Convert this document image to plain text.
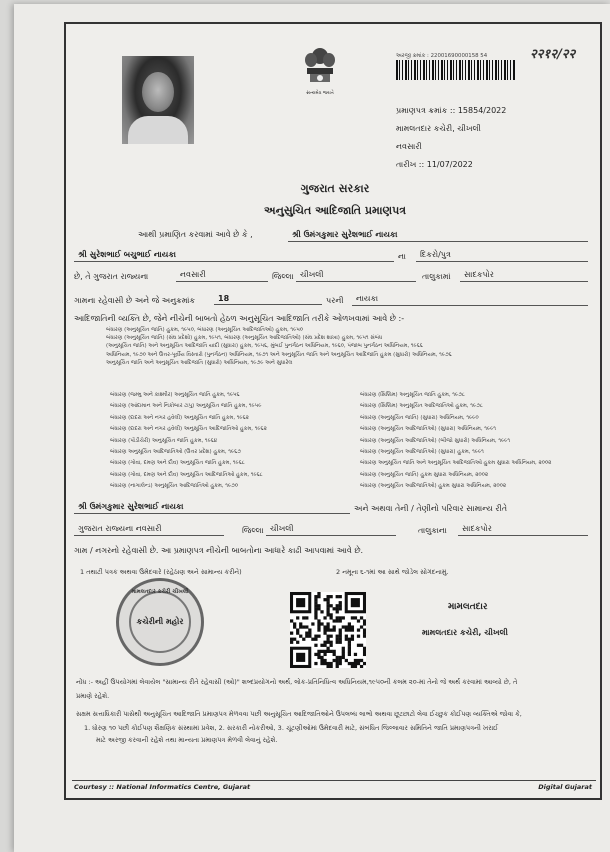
સત્યમેવ જયતે
અરજી ક્રમાંક : 22001690000158 54	२२१२/२२
પ્રમાણપત્ર ક્રમાંક :: 15854/2022
મામલતદાર કચેરી, ચીખલી
નવસારી
તારીખ :: 11/07/2022
ગુજરાત સરકાર
અનુસુચિત આદિજાતિ પ્રમાણપત્ર
આથી પ્રમાણિત કરવામાં આવે છે કે ,	શ્રી ઉમંગકુમાર સુરેશભાઈ નાયકા
શ્રી સુરેશભાઈ બચુભાઈ નાયકા	ના	દિકરો/પુત્ર
છે, તે ગુજરાત રાજ્યના	નવસારી	જિલ્લા ચીખલી	તાલુકામાં	સાદકપોર
ગામના રહેવાસી છે અને જે અનુક્રમાંક	18	પરની	નાયકા
આદિજાતિની વ્યક્તિ છે, જેને નીચેની બાબતો હેઠળ અનુસૂચિત આદિજાતિ તરીકે ઓળખવામાં આવે છે :-
બંધારણ (અનુસૂચિત જાતિ) હુકમ, ૧૯૫૦, બંધારણ (અનુસૂચિત આદિજાતિઓ) હુકમ, ૧૯૫૦
બંધારણ (અનુસૂચિત જાતિ) (સંઘ પ્રદેશો) હુકમ, ૧૯૫૧, બંધારણ (અનુસૂચિત આદિજાતિઓ) (સંઘ પ્રદેશ શાખા) હુકમ, ૧૯૫૧ સંબંધ
(અનુસૂચિત જાતિ) અને અનુસૂચિત આદિજાતિ યાદી (સુધારા) હુકમ, ૧૯૫૬, મુંબઈ પુનર્ગઠન અધિનિયમ, ૧૯૬૦, પંજાબ પુનર્ગઠન અધિનિયમ, ૧૯૬૬
અધિનિયમ, ૧૯૭૦ અને ઉત્તર-પૂર્વીય વિસ્તારો (પુનર્ગઠન) અધિનિયમ, ૧૯૭૧ અને અનુસૂચિત જાતિ અને અનુસૂચિત આદિજાતિ હુકમ (સુધારો) અધિનિયમ, ૧૯૭૬
અનુસૂચિત જાતિ અને અનુસૂચિત આદિજાતિ (સુધારો) અધિનિયમ, ૧૯૭૯ અને સુધારેલ
બંધારણ (જમ્મુ અને કાશ્મીર) અનુસૂચિત જાતિ હુકમ, ૧૯૫૬
બંધારણ (આંદામાન અને નિકોબાર ટાપુ) અનુસૂચિત જાતિ હુકમ, ૧૯૫૯
બંધારણ (દાદરા અને નગર હવેલી) અનુસૂચિત જાતિ હુકમ, ૧૯૬૨
બંધારણ (દાદરા અને નગર હવેલી) અનુસૂચિત આદિજાતિઓ હુકમ, ૧૯૬૨
બંધારણ (પોંડીચેરી) અનુસૂચિત જાતિ હુકમ, ૧૯૬૪
બંધારણ અનુસૂચિત આદિજાતિઓ (ઉત્તર પ્રદેશ) હુકમ, ૧૯૬૭
બંધારણ (ગોવા, દમણ અને દીવ) અનુસૂચિત જાતિ હુકમ, ૧૯૬૮
બંધારણ (ગોવા, દમણ અને દીવ) અનુસૂચિત આદિજાતિઓ હુકમ, ૧૯૬૮
બંધારણ (નાગાલેન્ડ) અનુસૂચિત આદિજાતિઓ હુકમ, ૧૯૭૦
બંધારણ (સિક્કિમ) અનુસૂચિત જાતિ હુકમ, ૧૯૭૮
બંધારણ (સિક્કિમ) અનુસૂચિત આદિજાતિઓ હુકમ, ૧૯૭૮
બંધારણ (અનુસૂચિત જાતિ) (સુધારા) અધિનિયમ, ૧૯૯૦
બંધારણ (અનુસૂચિત આદિજાતિઓ) (સુધારા) અધિનિયમ, ૧૯૯૧
બંધારણ (અનુસૂચિત આદિજાતિઓ) (બીજો સુધારો) અધિનિયમ, ૧૯૯૧
બંધારણ (અનુસૂચિત આદિજાતિઓ) (સુધારા) હુકમ, ૧૯૯૧
બંધારણ અનુસૂચિત જાતિ અને અનુસૂચિત આદિજાતિઓ હુકમ સુધારા અધિનિયમ, ૨૦૦૨
બંધારણ (અનુસૂચિત જાતિ) હુકમ સુધારા અધિનિયમ, ૨૦૦૨
બંધારણ (અનુસૂચિત આદિજાતિઓ) હુકમ સુધારા અધિનિયમ, ૨૦૦૨
શ્રી ઉમંગકુમાર સુરેશભાઈ નાયકા	અને અથવા તેની / તેણીનો પરિવાર સામાન્ય રીતે
ગુજરાત રાજ્યના નવસારી	જિલ્લા ચીખલી	તાલુકાના	સાદકપોર
ગામ / નગરનો રહેવાસી છે. આ પ્રમાણપત્ર નીચેની બાબતોના આધારે કાઢી આપવામાં આવે છે.
1 તથાટી પત્રક અથવા ઉમેદવારે (રહેઠાણ અને સામાન્ય કરીને)	2 નમૂના ૬-૧માં આ સાથે જોડેલ સોગંદનામું.
મામલતદાર કચેરી ચીખલી
કચેરીની મહોર
મામલતદાર
મામલતદાર કચેરી, ચીખલી
નોંધ :- અહીં ઉપયોગમાં લેવાયેલ "સામાન્ય રીતે રહેવાસી (ઓ)" શબ્દપ્રયોગનો અર્થ, લોક-પ્રતિનિધિત્વ અધિનિયમ,૧૯૫૦ની કલમ ૨૦-માં તેનો જે અર્થ કરવામાં આવ્યો છે, તે
પ્રમાણે રહેશે.
સક્ષમ સત્તાધિકારી પાસેથી અનુસૂચિત આદિજાતિ પ્રમાણપત્ર મેળવવા પછી અનુસૂચિત આદિજાતિઓને ઉપલબ્ધ લાભો અથવા છૂટછાટો લેવા ઈચ્છુક કોઈપણ વ્યક્તિએ જોવા કે,
1. ધોરણ ૧૦ પછી કોઈપણ શૈક્ષણિક સંસ્થામાં પ્રવેશ, 2. સરકારી નોકરીઓ, 3. ચૂંટણીઓમાં ઉમેદવારી માટે, સંબંધિત જિલ્લાવાર સમિતિને જાતિ પ્રમાણપત્રની ખરાઈ
માટે અરજી કરવાની રહેશે તથા માન્યતા પ્રમાણપત્ર મેળવી લેવાનું રહેશે.
Courtesy :: National Informatics Centre, Gujarat	Digital Gujarat
